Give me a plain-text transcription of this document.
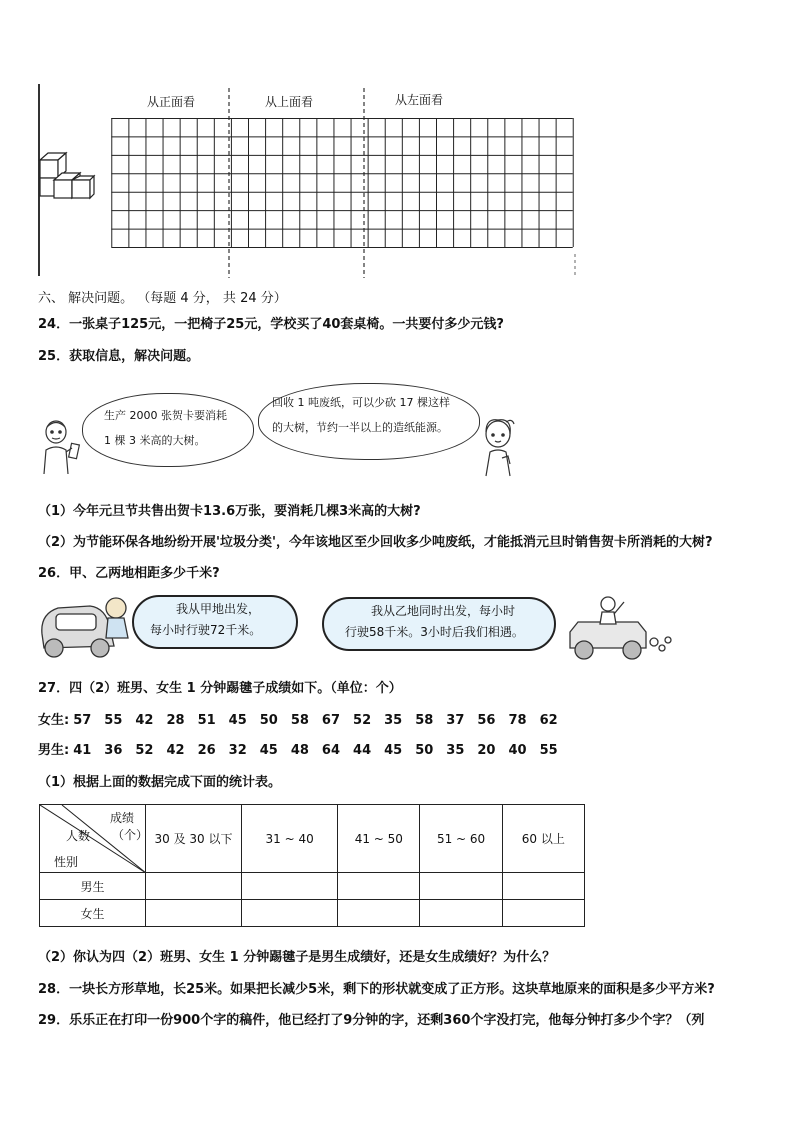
从正面看	从上面看	从左面看
六、 解决问题。 （每题 4 分， 共 24 分）
24．一张桌子125元，一把椅子25元，学校买了40套桌椅。一共要付多少元钱?
25．获取信息，解决问题。
生产 2000 张贺卡要消耗
1 棵 3 米高的大树。
回收 1 吨废纸，可以少砍 17 棵这样
的大树，节约一半以上的造纸能源。
（1）今年元旦节共售出贺卡13.6万张，要消耗几棵3米高的大树?
（2）为节能环保各地纷纷开展'垃圾分类'，今年该地区至少回收多少吨废纸，才能抵消元旦时销售贺卡所消耗的大树?
26．甲、乙两地相距多少千米?
我从甲地出发，
每小时行驶72千米。
我从乙地同时出发，每小时
行驶58千米。3小时后我们相遇。
27．四（2）班男、女生 1 分钟踢毽子成绩如下。（单位：个）
女生: 57　55　42　28　51　45　50　58　67　52　35　58　37　56　78　62
男生: 41　36　52　42　26　32　45　48　64　44　45　50　35　20　40　55
（1）根据上面的数据完成下面的统计表。
成绩
（个）
人数
性别	30 及 30 以下	31 ~ 40	41 ~ 50	51 ~ 60	60 以上
男生					
女生					
（2）你认为四（2）班男、女生 1 分钟踢毽子是男生成绩好，还是女生成绩好？为什么？
28．一块长方形草地，长25米。如果把长减少5米，剩下的形状就变成了正方形。这块草地原来的面积是多少平方米?
29．乐乐正在打印一份900个字的稿件，他已经打了9分钟的字，还剩360个字没打完，他每分钟打多少个字？（列
